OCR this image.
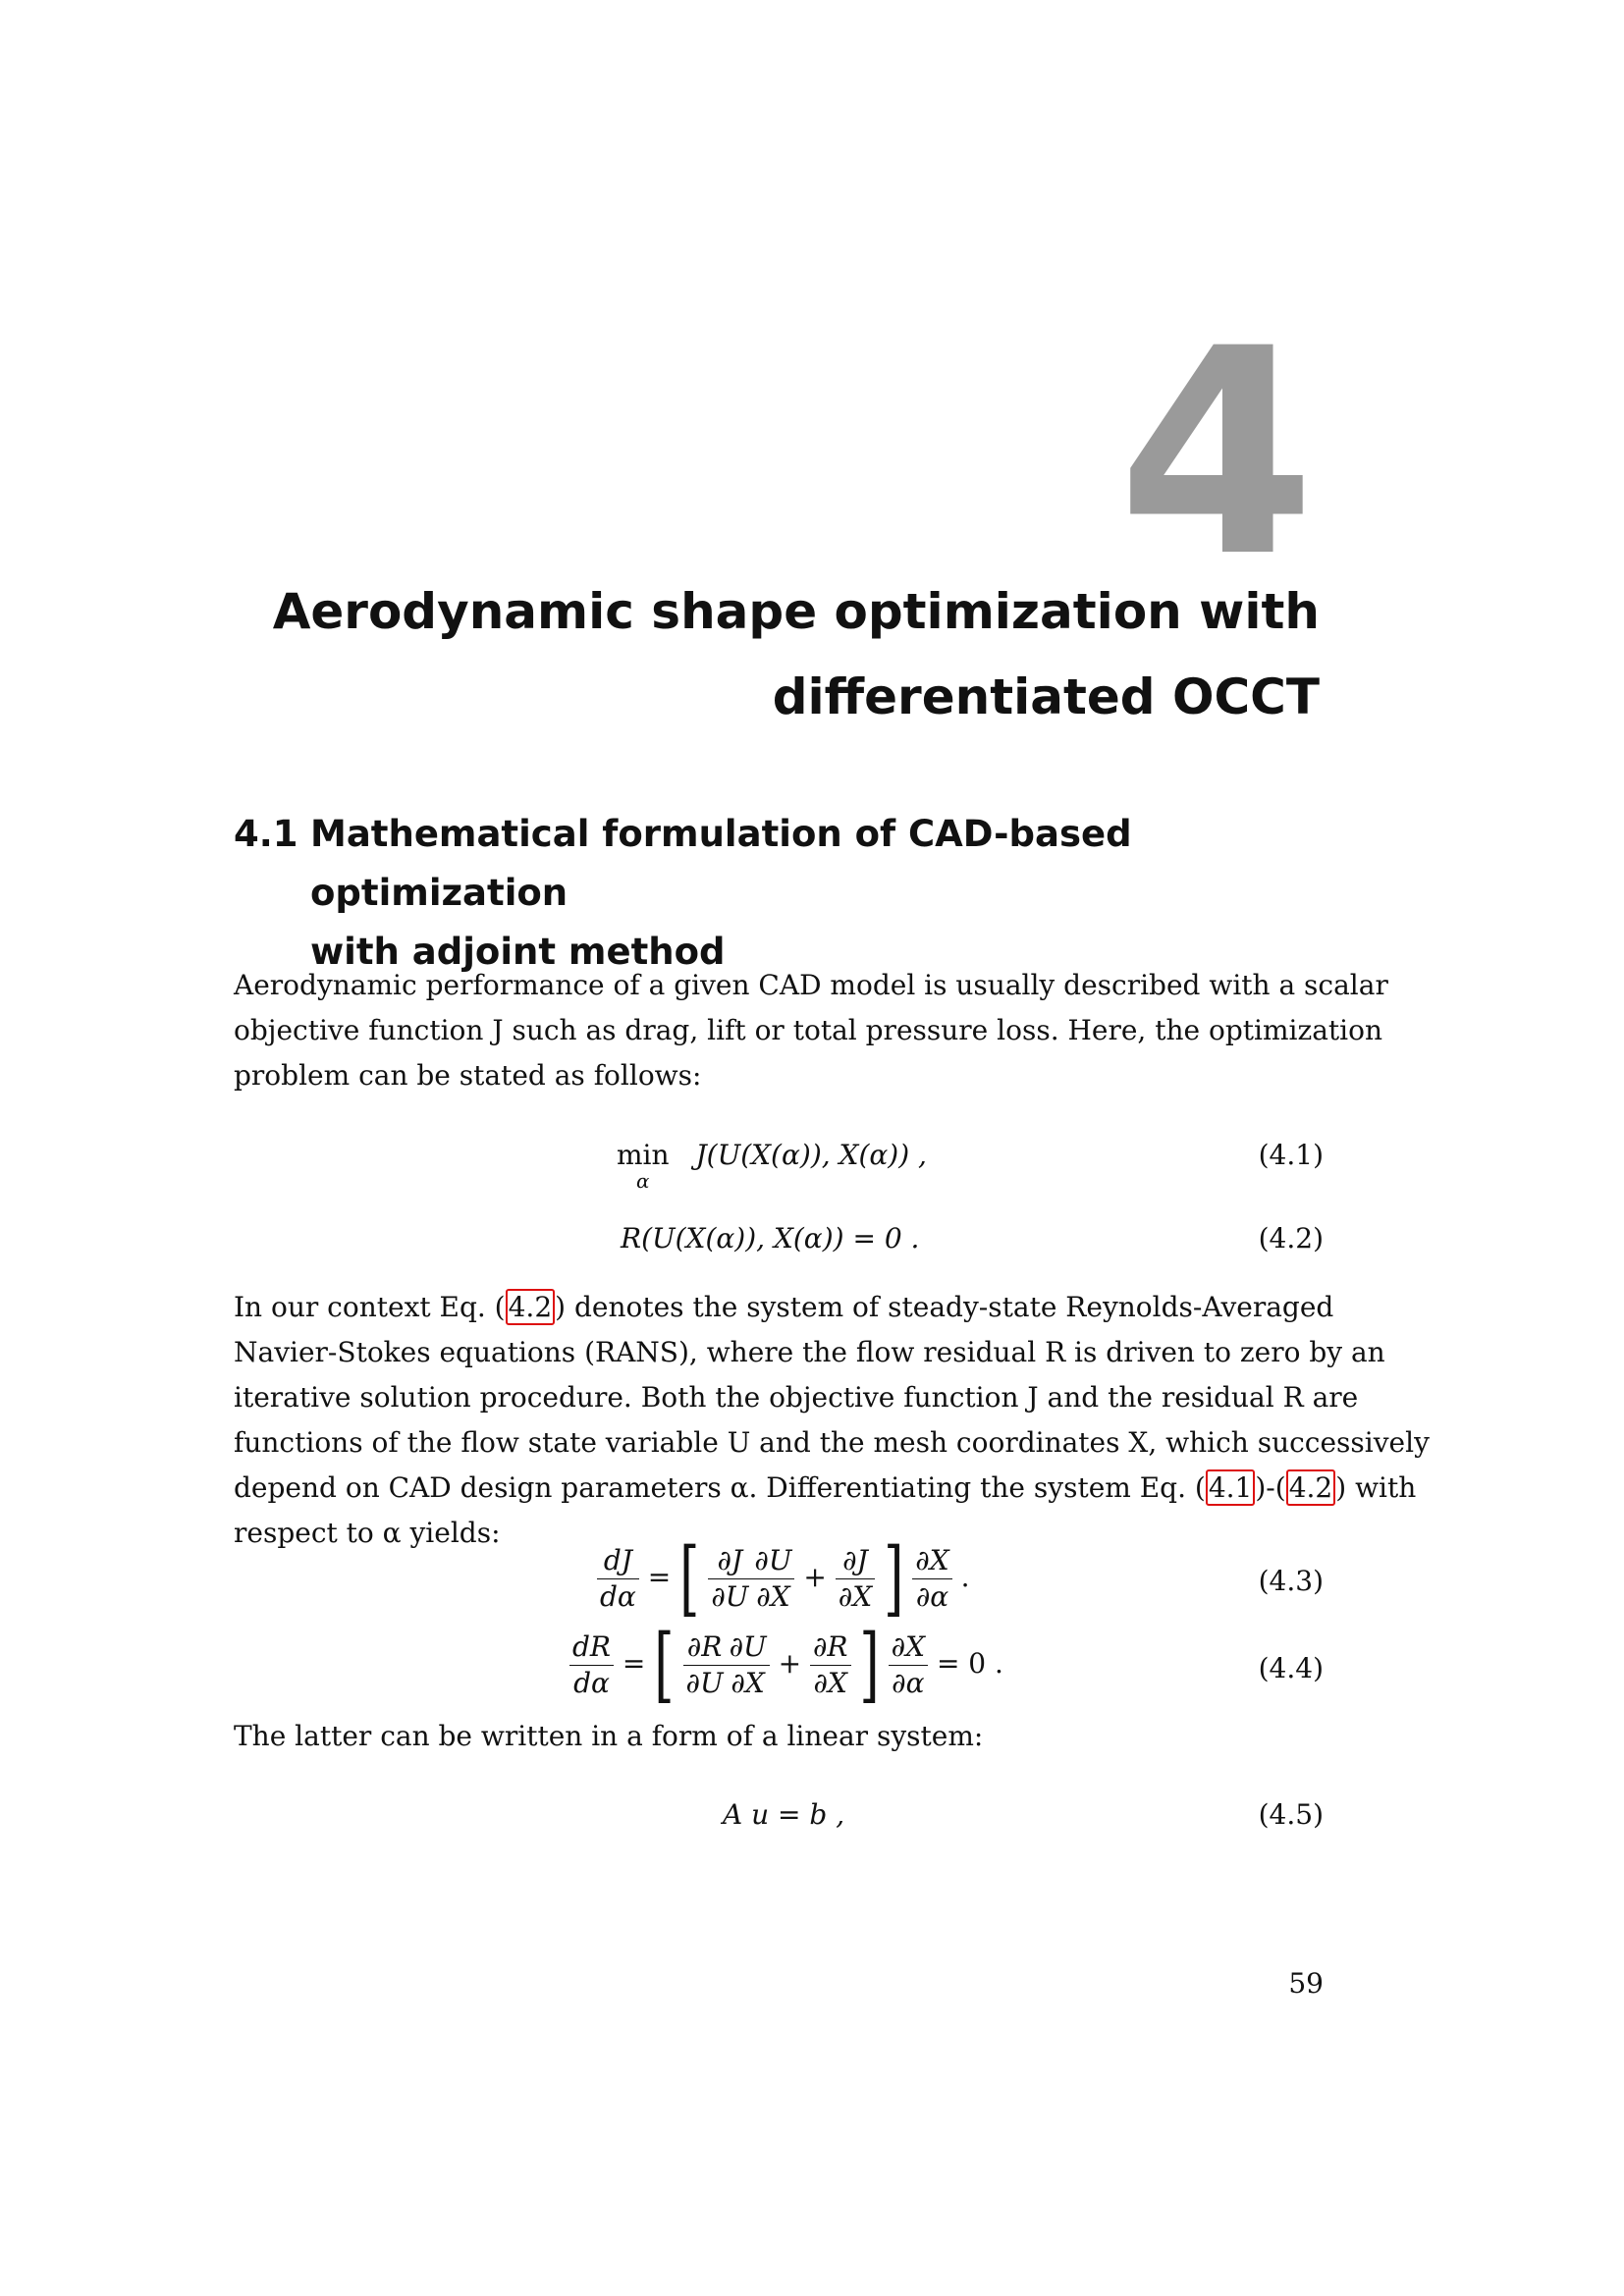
4
Aerodynamic shape optimization with
differentiated OCCT
4.1 Mathematical formulation of CAD-based optimization
with adjoint method
Aerodynamic performance of a given CAD model is usually described with a scalar
objective function J such as drag, lift or total pressure loss. Here, the optimization
problem can be stated as follows:
min
α
J(U(X(α)), X(α)) ,	(4.1)
R(U(X(α)), X(α)) = 0 .	(4.2)
In our context Eq. ( 4.2 ) denotes the system of steady-state Reynolds-Averaged
Navier-Stokes equations (RANS), where the flow residual R is driven to zero by an
iterative solution procedure. Both the objective function J and the residual R are
functions of the flow state variable U and the mesh coordinates X, which successively
depend on CAD design parameters α. Differentiating the system Eq. ( 4.1 )-( 4.2 ) with
respect to α yields:
$\frac{dJ}{d\alpha}$ = [ $\frac{\partial J}{\partial U} \frac{\partial U}{\partial X} + \frac{\partial J}{\partial X}$ ] $\frac{\partial X}{\partial\alpha}$ .	(4.3)
$\frac{dR}{d\alpha}$ = [ $\frac{\partial R}{\partial U} \frac{\partial U}{\partial X} + \frac{\partial R}{\partial X}$ ] $\frac{\partial X}{\partial\alpha} = 0$ .	(4.4)
The latter can be written in a form of a linear system:
A u = b ,	(4.5)
59
